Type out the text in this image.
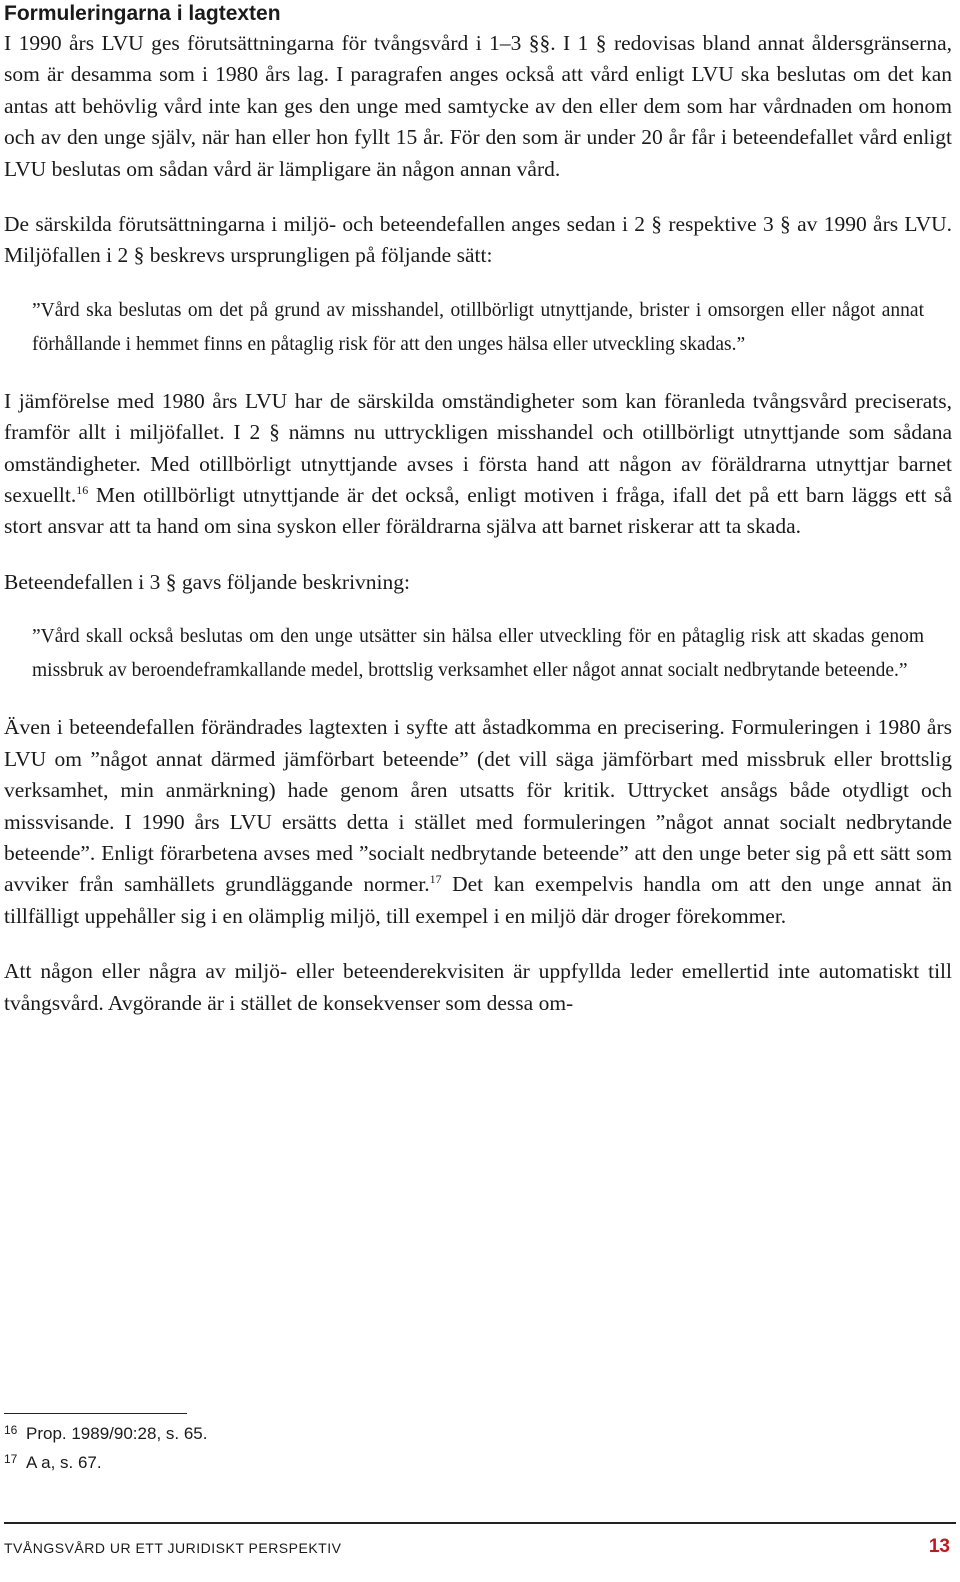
Formuleringarna i lagtexten

I 1990 års LVU ges förutsättningarna för tvångsvård i 1–3 §§. I 1 § redovisas bland annat åldersgränserna, som är desamma som i 1980 års lag. I paragrafen anges också att vård enligt LVU ska beslutas om det kan antas att behövlig vård inte kan ges den unge med samtycke av den eller dem som har vårdnaden om honom och av den unge själv, när han eller hon fyllt 15 år. För den som är under 20 år får i beteendefallet vård enligt LVU beslutas om sådan vård är lämpligare än någon annan vård.

De särskilda förutsättningarna i miljö- och beteendefallen anges sedan i 2 § respektive 3 § av 1990 års LVU. Miljöfallen i 2 § beskrevs ursprungligen på följande sätt:

”Vård ska beslutas om det på grund av misshandel, otillbörligt utnyttjande, brister i omsorgen eller något annat förhållande i hemmet finns en påtaglig risk för att den unges hälsa eller utveckling skadas.”

I jämförelse med 1980 års LVU har de särskilda omständigheter som kan föranleda tvångsvård preciserats, framför allt i miljöfallet. I 2 § nämns nu uttryckligen misshandel och otillbörligt utnyttjande som sådana omständigheter. Med otillbörligt utnyttjande avses i första hand att någon av föräldrarna utnyttjar barnet sexuellt.$^{16}$ Men otillbörligt utnyttjande är det också, enligt motiven i fråga, ifall det på ett barn läggs ett så stort ansvar att ta hand om sina syskon eller föräldrarna själva att barnet riskerar att ta skada.

Beteendefallen i 3 § gavs följande beskrivning:

”Vård skall också beslutas om den unge utsätter sin hälsa eller utveckling för en påtaglig risk att skadas genom missbruk av beroendeframkallande medel, brottslig verksamhet eller något annat socialt nedbrytande beteende.”

Även i beteendefallen förändrades lagtexten i syfte att åstadkomma en precisering. Formuleringen i 1980 års LVU om ”något annat därmed jämförbart beteende” (det vill säga jämförbart med missbruk eller brottslig verksamhet, min anmärkning) hade genom åren utsatts för kritik. Uttrycket ansågs både otydligt och missvisande. I 1990 års LVU ersätts detta i stället med formuleringen ”något annat socialt nedbrytande beteende”. Enligt förarbetena avses med ”socialt nedbrytande beteende” att den unge beter sig på ett sätt som avviker från samhällets grundläggande normer.$^{17}$ Det kan exempelvis handla om att den unge annat än tillfälligt uppehåller sig i en olämplig miljö, till exempel i en miljö där droger förekommer.

Att någon eller några av miljö- eller beteenderekvisiten är uppfyllda leder emellertid inte automatiskt till tvångsvård. Avgörande är i stället de konsekvenser som dessa om-

16 Prop. 1989/90:28, s. 65.
17 A a, s. 67.
TVÅNGSVÅRD UR ETT JURIDISKT PERSPEKTIV	13
